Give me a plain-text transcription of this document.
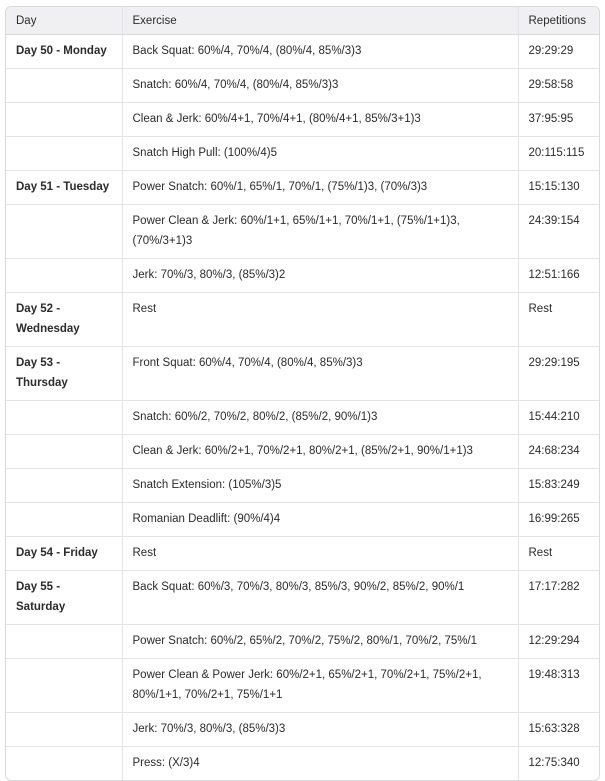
Day	Exercise	Repetitions
Day 50 - Monday	Back Squat: 60%/4, 70%/4, (80%/4, 85%/3)3	29:29:29
	Snatch: 60%/4, 70%/4, (80%/4, 85%/3)3	29:58:58
	Clean & Jerk: 60%/4+1, 70%/4+1, (80%/4+1, 85%/3+1)3	37:95:95
	Snatch High Pull: (100%/4)5	20:115:115
Day 51 - Tuesday	Power Snatch: 60%/1, 65%/1, 70%/1, (75%/1)3, (70%/3)3	15:15:130
	Power Clean & Jerk: 60%/1+1, 65%/1+1, 70%/1+1, (75%/1+1)3, (70%/3+1)3	24:39:154
	Jerk: 70%/3, 80%/3, (85%/3)2	12:51:166
Day 52 - Wednesday	Rest	Rest
Day 53 - Thursday	Front Squat: 60%/4, 70%/4, (80%/4, 85%/3)3	29:29:195
	Snatch: 60%/2, 70%/2, 80%/2, (85%/2, 90%/1)3	15:44:210
	Clean & Jerk: 60%/2+1, 70%/2+1, 80%/2+1, (85%/2+1, 90%/1+1)3	24:68:234
	Snatch Extension: (105%/3)5	15:83:249
	Romanian Deadlift: (90%/4)4	16:99:265
Day 54 - Friday	Rest	Rest
Day 55 - Saturday	Back Squat: 60%/3, 70%/3, 80%/3, 85%/3, 90%/2, 85%/2, 90%/1	17:17:282
	Power Snatch: 60%/2, 65%/2, 70%/2, 75%/2, 80%/1, 70%/2, 75%/1	12:29:294
	Power Clean & Power Jerk: 60%/2+1, 65%/2+1, 70%/2+1, 75%/2+1, 80%/1+1, 70%/2+1, 75%/1+1	19:48:313
	Jerk: 70%/3, 80%/3, (85%/3)3	15:63:328
	Press: (X/3)4	12:75:340
